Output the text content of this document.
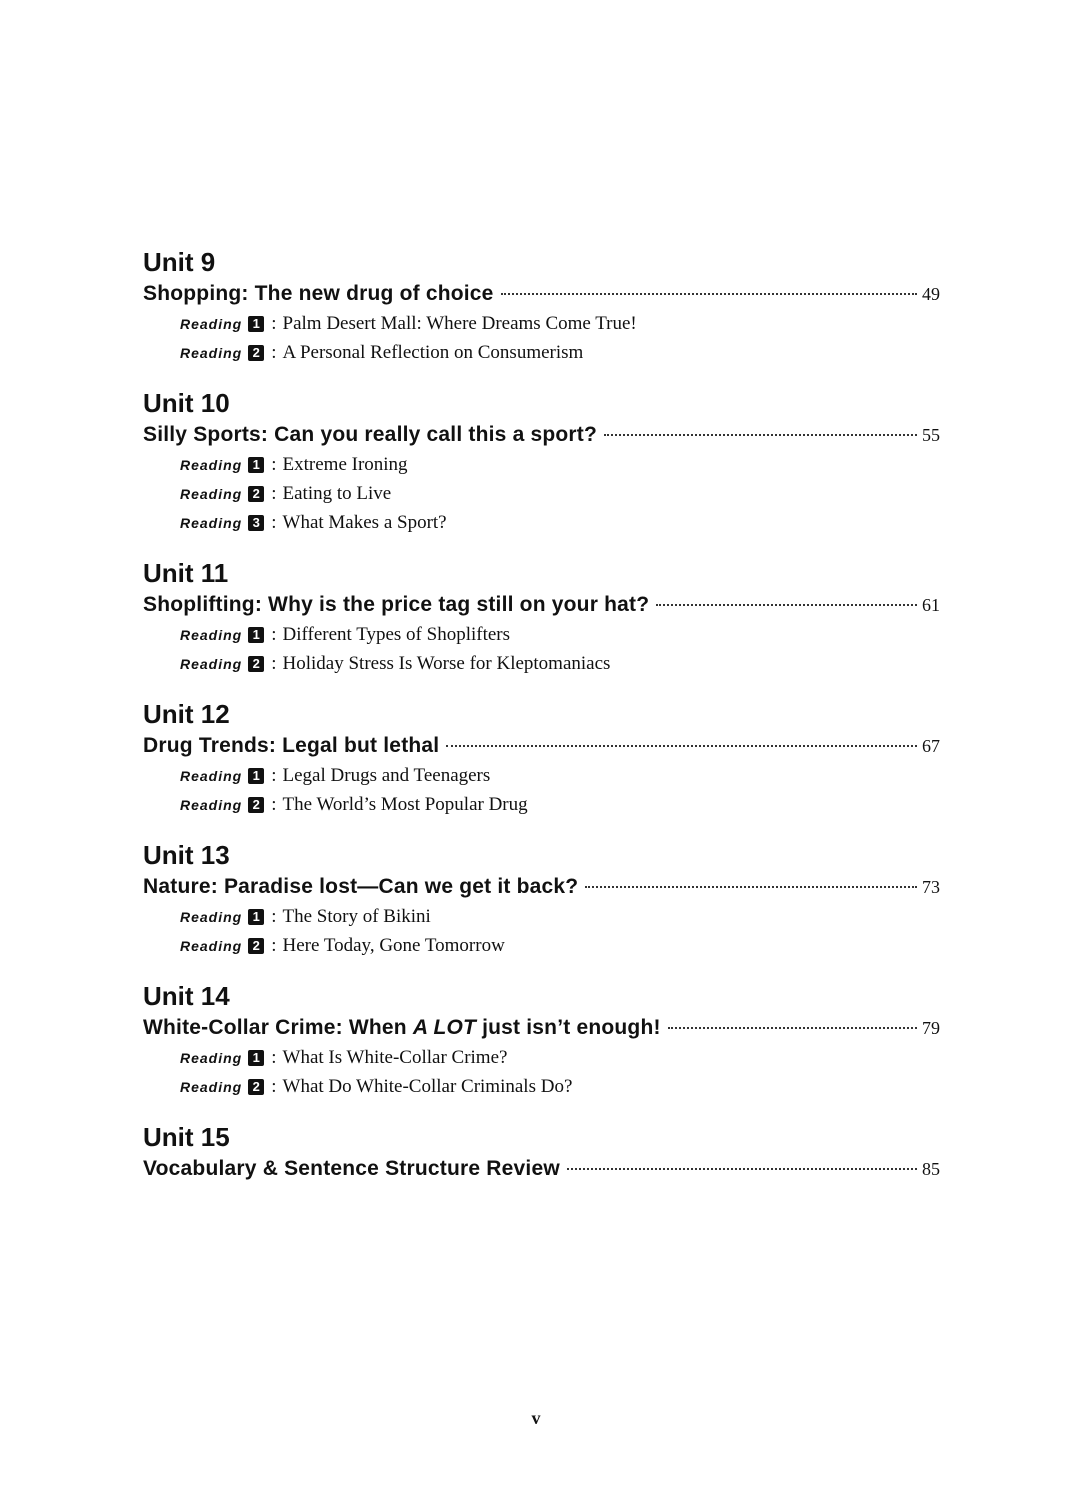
Unit 9
Shopping: The new drug of choice	49
Reading 1 : Palm Desert Mall: Where Dreams Come True!
Reading 2 : A Personal Reflection on Consumerism
Unit 10
Silly Sports: Can you really call this a sport?	55
Reading 1 : Extreme Ironing
Reading 2 : Eating to Live
Reading 3 : What Makes a Sport?
Unit 11
Shoplifting: Why is the price tag still on your hat?	61
Reading 1 : Different Types of Shoplifters
Reading 2 : Holiday Stress Is Worse for Kleptomaniacs
Unit 12
Drug Trends: Legal but lethal	67
Reading 1 : Legal Drugs and Teenagers
Reading 2 : The World’s Most Popular Drug
Unit 13
Nature: Paradise lost—Can we get it back?	73
Reading 1 : The Story of Bikini
Reading 2 : Here Today, Gone Tomorrow
Unit 14
White-Collar Crime: When A LOT just isn’t enough!	79
Reading 1 : What Is White-Collar Crime?
Reading 2 : What Do White-Collar Criminals Do?
Unit 15
Vocabulary & Sentence Structure Review	85
v
